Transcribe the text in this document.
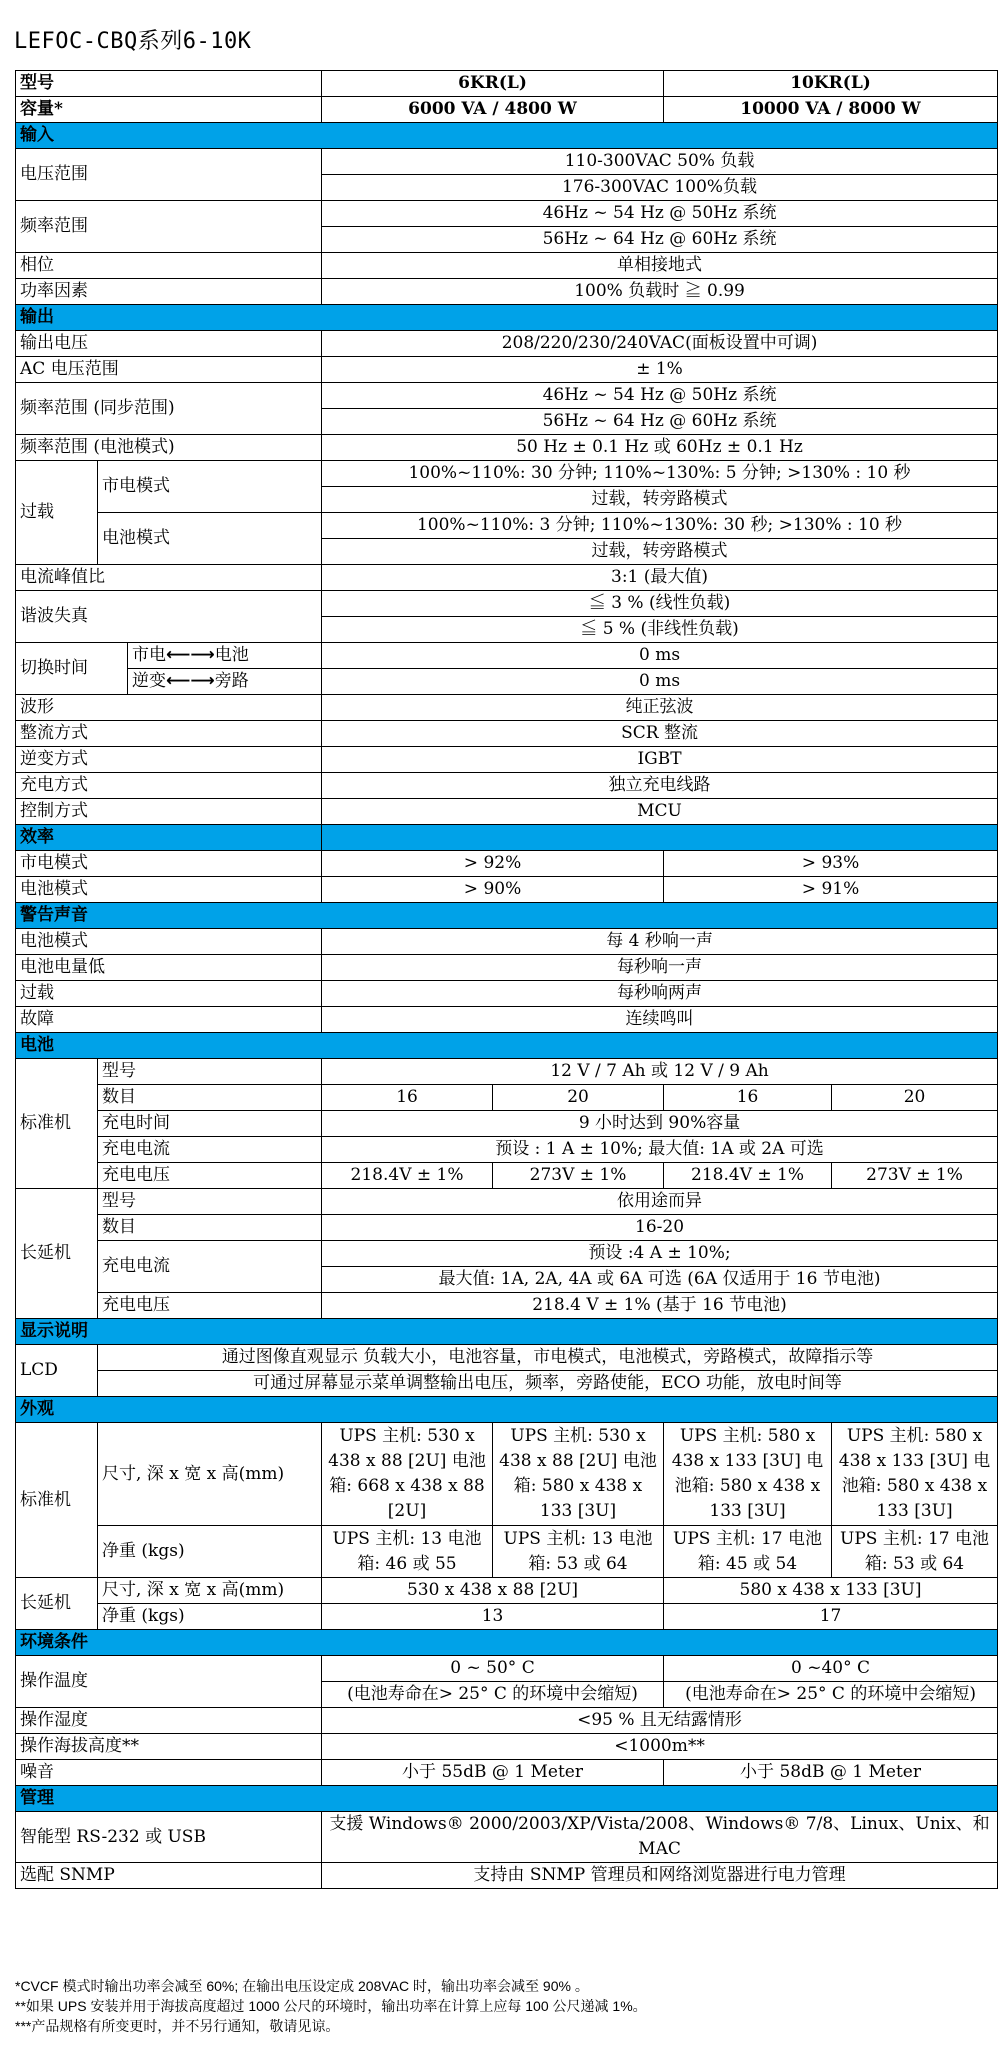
LEFOC-CBQ系列6-10K
型号			6KR(L)		10KR(L)	
容量*			6000 VA / 4800 W		10000 VA / 8000 W	
输入						
电压范围			110-300VAC 50% 负载			
			176-300VAC 100%负载			
频率范围			46Hz ~ 54 Hz @ 50Hz 系统			
			56Hz ~ 64 Hz @ 60Hz 系统			
相位			单相接地式			
功率因素			100% 负载时 ≧ 0.99			
输出						
输出电压			208/220/230/240VAC(面板设置中可调)			
AC 电压范围			± 1%			
频率范围 (同步范围)			46Hz ~ 54 Hz @ 50Hz 系统			
			56Hz ~ 64 Hz @ 60Hz 系统			
频率范围 (电池模式)			50 Hz ± 0.1 Hz 或 60Hz ± 0.1 Hz			
过载	市电模式		100%~110%: 30 分钟; 110%~130%: 5 分钟; >130% : 10 秒			
			过载，转旁路模式			
	电池模式		100%~110%: 3 分钟; 110%~130%: 30 秒; >130% : 10 秒			
			过载，转旁路模式			
电流峰值比			3:1 (最大值)			
谐波失真			≦ 3 % (线性负载)			
			≦ 5 % (非线性负载)			
切换时间		市电⟵⟶电池	0 ms			
		逆变⟵⟶旁路	0 ms			
波形			纯正弦波			
整流方式			SCR 整流			
逆变方式			IGBT			
充电方式			独立充电线路			
控制方式			MCU			
效率						
市电模式			> 92%		> 93%	
电池模式			> 90%		> 91%	
警告声音						
电池模式			每 4 秒响一声			
电池电量低			每秒响一声			
过载			每秒响两声			
故障			连续鸣叫			
电池						
标准机	型号		12 V / 7 Ah 或 12 V / 9 Ah			
	数目		16	20	16	20
	充电时间		9 小时达到 90%容量			
	充电电流		预设 : 1 A ± 10%; 最大值: 1A 或 2A 可选			
	充电电压		218.4V ± 1%	273V ± 1%	218.4V ± 1%	273V ± 1%
长延机	型号		依用途而异			
	数目		16-20			
	充电电流		预设 :4 A ± 10%;			
			最大值: 1A, 2A, 4A 或 6A 可选 (6A 仅适用于 16 节电池)			
	充电电压		218.4 V ± 1% (基于 16 节电池)			
显示说明						
LCD	通过图像直观显示 负载大小，电池容量，市电模式，电池模式，旁路模式，故障指示等					
	可通过屏幕显示菜单调整输出电压，频率，旁路使能，ECO 功能，放电时间等					
外观						
标准机	尺寸, 深 x 宽 x 高(mm)		UPS 主机: 530 x 438 x 88 [2U] 电池箱: 668 x 438 x 88 [2U]	UPS 主机: 530 x 438 x 88 [2U] 电池箱: 580 x 438 x 133 [3U]	UPS 主机: 580 x 438 x 133 [3U] 电池箱: 580 x 438 x 133 [3U]	UPS 主机: 580 x 438 x 133 [3U] 电池箱: 580 x 438 x 133 [3U]
	净重 (kgs)		UPS 主机: 13 电池箱: 46 或 55	UPS 主机: 13 电池箱: 53 或 64	UPS 主机: 17 电池箱: 45 或 54	UPS 主机: 17 电池箱: 53 或 64
长延机	尺寸, 深 x 宽 x 高(mm)		530 x 438 x 88 [2U]		580 x 438 x 133 [3U]	
	净重 (kgs)		13		17	
环境条件						
操作温度			0 ~ 50° C		0 ~40° C	
			(电池寿命在> 25° C 的环境中会缩短)		(电池寿命在> 25° C 的环境中会缩短)	
操作湿度			<95 % 且无结露情形			
操作海拔高度**			<1000m**			
噪音			小于 55dB @ 1 Meter		小于 58dB @ 1 Meter	
管理						
智能型 RS-232 或 USB			支援 Windows® 2000/2003/XP/Vista/2008、Windows® 7/8、Linux、Unix、和 MAC			
选配 SNMP			支持由 SNMP 管理员和网络浏览器进行电力管理			
*CVCF 模式时输出功率会减至 60%; 在输出电压设定成 208VAC 时，输出功率会减至 90% 。
**如果 UPS 安装并用于海拔高度超过 1000 公尺的环境时，输出功率在计算上应每 100 公尺递减 1%。
***产品规格有所变更时，并不另行通知，敬请见谅。
